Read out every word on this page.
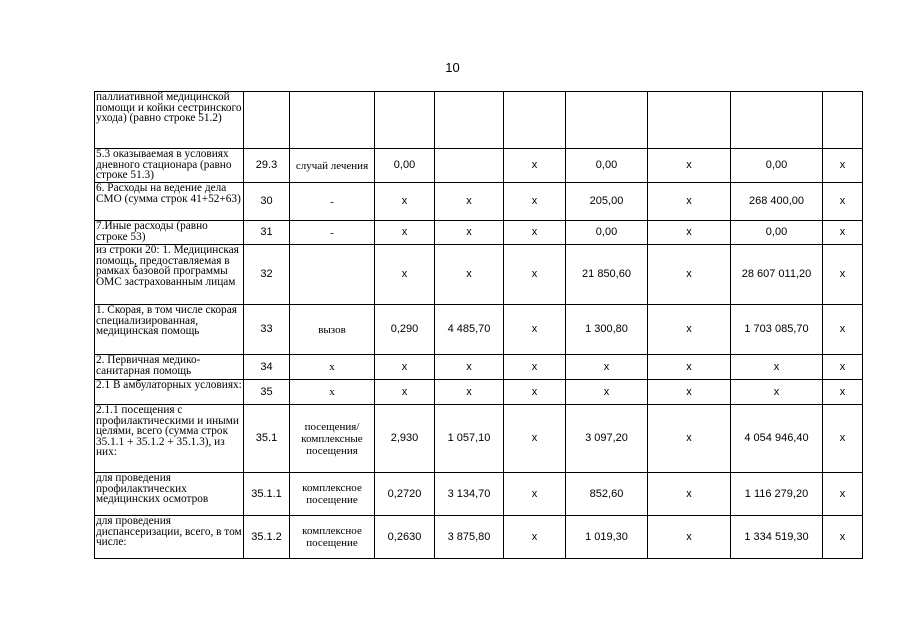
10
паллиативной медицинской помощи и койки сестринского ухода) (равно строке 51.2)									
5.3 оказываемая в условиях дневного стационара (равно строке 51.3)	29.3	случай лечения	0,00		х	0,00	х	0,00	х
6. Расходы на ведение дела СМО (сумма строк 41+52+63)	30	-	х	х	х	205,00	х	268 400,00	х
7.Иные расходы (равно строке 53)	31	-	х	х	х	0,00	х	0,00	х
из строки 20: 1. Медицинская помощь, предоставляемая в рамках базовой программы ОМС застрахованным лицам	32		х	х	х	21 850,60	х	28 607 011,20	х
1. Скорая, в том числе скорая специализированная, медицинская помощь	33	вызов	0,290	4 485,70	х	1 300,80	х	1 703 085,70	х
2. Первичная медико-санитарная помощь	34	х	х	х	х	х	х	х	х
2.1 В амбулаторных условиях:	35	х	х	х	х	х	х	х	х
2.1.1 посещения с профилактическими и иными целями, всего (сумма строк 35.1.1 + 35.1.2 + 35.1.3), из них:	35.1	посещения/комплексные посещения	2,930	1 057,10	х	3 097,20	х	4 054 946,40	х
для проведения профилактических медицинских осмотров	35.1.1	комплексное посещение	0,2720	3 134,70	х	852,60	х	1 116 279,20	х
для проведения диспансеризации, всего, в том числе:	35.1.2	комплексное посещение	0,2630	3 875,80	х	1 019,30	х	1 334 519,30	х
